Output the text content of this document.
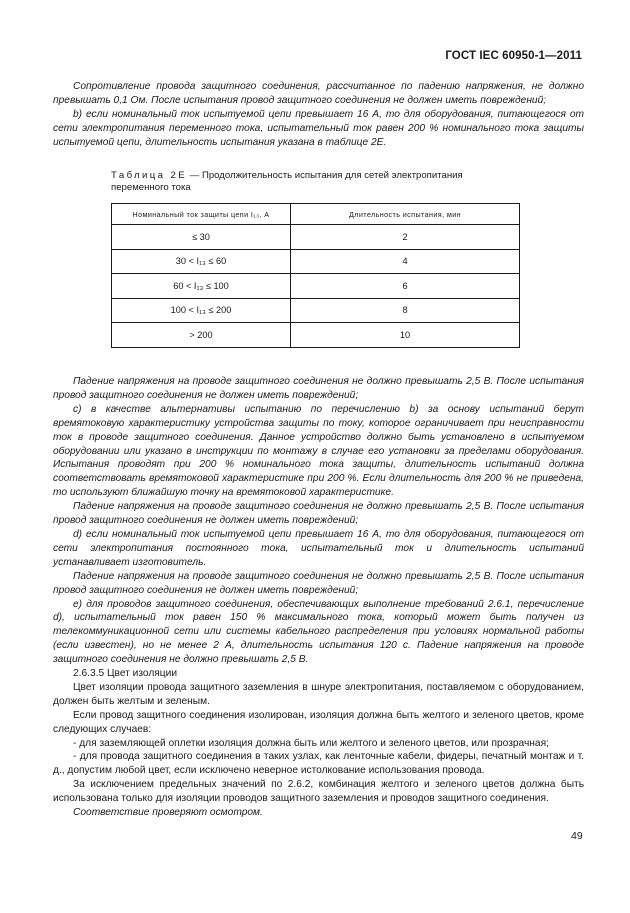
ГОСТ IEC 60950-1—2011

Сопротивление провода защитного соединения, рассчитанное по падению напряжения, не должно превышать 0,1 Ом. После испытания провод защитного соединения не должен иметь повреждений;

b) если номинальный ток испытуемой цепи превышает 16 А, то для оборудования, питающегося от сети электропитания переменного тока, испытательный ток равен 200 % номинального тока защиты испытуемой цепи, длительность испытания указана в таблице 2Е.

Таблица 2Е — Продолжительность испытания для сетей электропитания переменного тока
Номинальный ток защиты цепи I₁₃, А	Длительность испытания, мин
≤ 30	2
30 < I₁₃ ≤ 60	4
60 < I₁₃ ≤ 100	6
100 < I₁₃ ≤ 200	8
> 200	10

Падение напряжения на проводе защитного соединения не должно превышать 2,5 В. После испытания провод защитного соединения не должен иметь повреждений;

c) в качестве альтернативы испытанию по перечислению b) за основу испытаний берут времятоковую характеристику устройства защиты по току, которое ограничивает при неисправности ток в проводе защитного соединения. Данное устройство должно быть установлено в испытуемом оборудовании или указано в инструкции по монтажу в случае его установки за пределами оборудования. Испытания проводят при 200 % номинального тока защиты, длительность испытаний должна соответствовать времятоковой характеристике при 200 %. Если длительность для 200 % не приведена, то используют ближайшую точку на времятоковой характеристике.

Падение напряжения на проводе защитного соединения не должно превышать 2,5 В. После испытания провод защитного соединения не должен иметь повреждений;

d) если номинальный ток испытуемой цепи превышает 16 А, то для оборудования, питающегося от сети электропитания постоянного тока, испытательный ток и длительность испытаний устанавливает изготовитель.

Падение напряжения на проводе защитного соединения не должно превышать 2,5 В. После испытания провод защитного соединения не должен иметь повреждений;

e) для проводов защитного соединения, обеспечивающих выполнение требований 2.6.1, перечисление d), испытательный ток равен 150 % максимального тока, который может быть получен из телекоммуникационной сети или системы кабельного распределения при условиях нормальной работы (если известен), но не менее 2 А, длительность испытания 120 с. Падение напряжения на проводе защитного соединения не должно превышать 2,5 В.

2.6.3.5 Цвет изоляции

Цвет изоляции провода защитного заземления в шнуре электропитания, поставляемом с оборудованием, должен быть желтым и зеленым.

Если провод защитного соединения изолирован, изоляция должна быть желтого и зеленого цветов, кроме следующих случаев:

- для заземляющей оплетки изоляция должна быть или желтого и зеленого цветов, или прозрачная;

- для провода защитного соединения в таких узлах, как ленточные кабели, фидеры, печатный монтаж и т. д., допустим любой цвет, если исключено неверное истолкование использования провода.

За исключением предельных значений по 2.6.2, комбинация желтого и зеленого цветов должна быть использована только для изоляции проводов защитного заземления и проводов защитного соединения.

Соответствие проверяют осмотром.

49
